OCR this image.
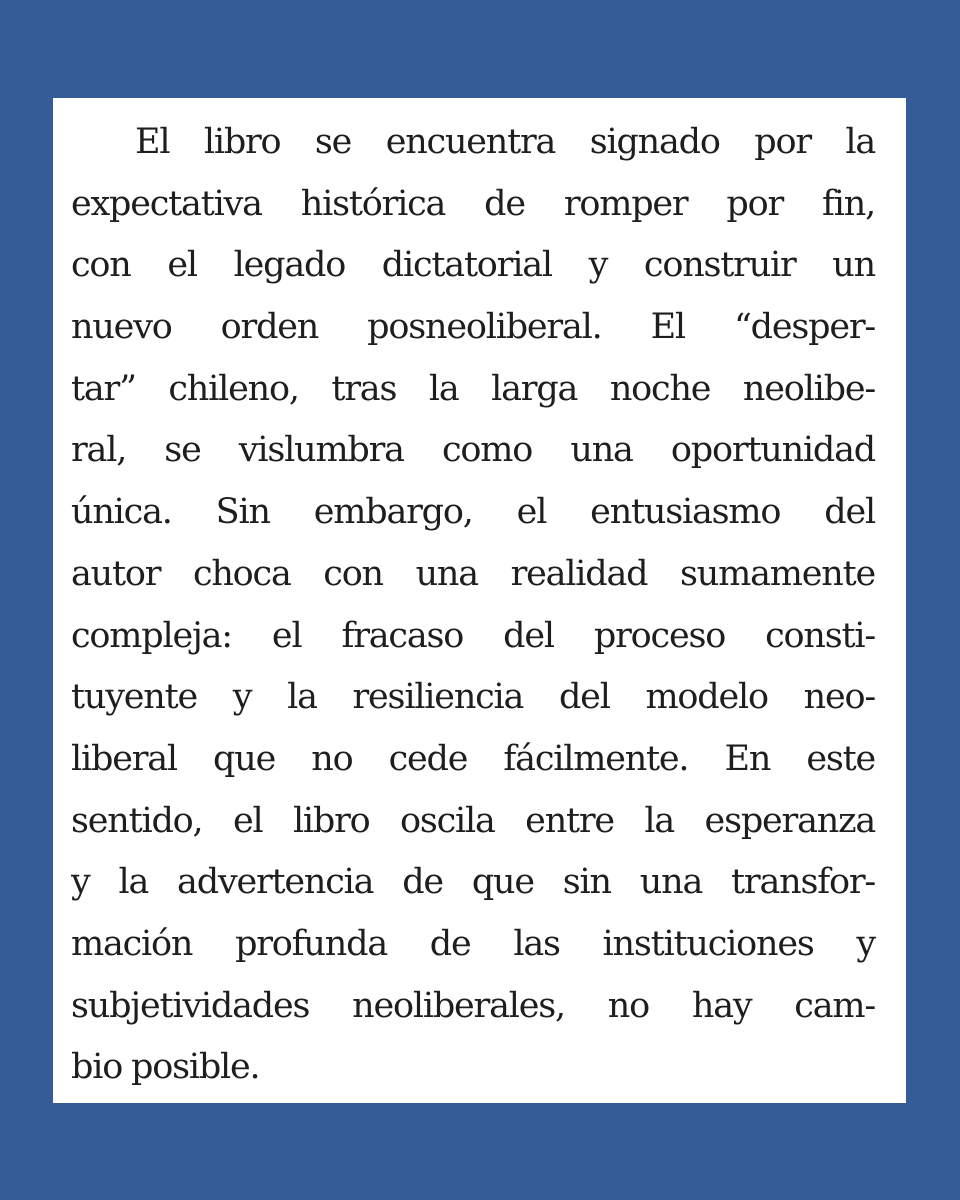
El libro se encuentra signado por la
expectativa histórica de romper por fin,
con el legado dictatorial y construir un
nuevo orden posneoliberal. El “desper-
tar” chileno, tras la larga noche neolibe-
ral, se vislumbra como una oportunidad
única. Sin embargo, el entusiasmo del
autor choca con una realidad sumamente
compleja: el fracaso del proceso consti-
tuyente y la resiliencia del modelo neo-
liberal que no cede fácilmente. En este
sentido, el libro oscila entre la esperanza
y la advertencia de que sin una transfor-
mación profunda de las instituciones y
subjetividades neoliberales, no hay cam-
bio posible.
